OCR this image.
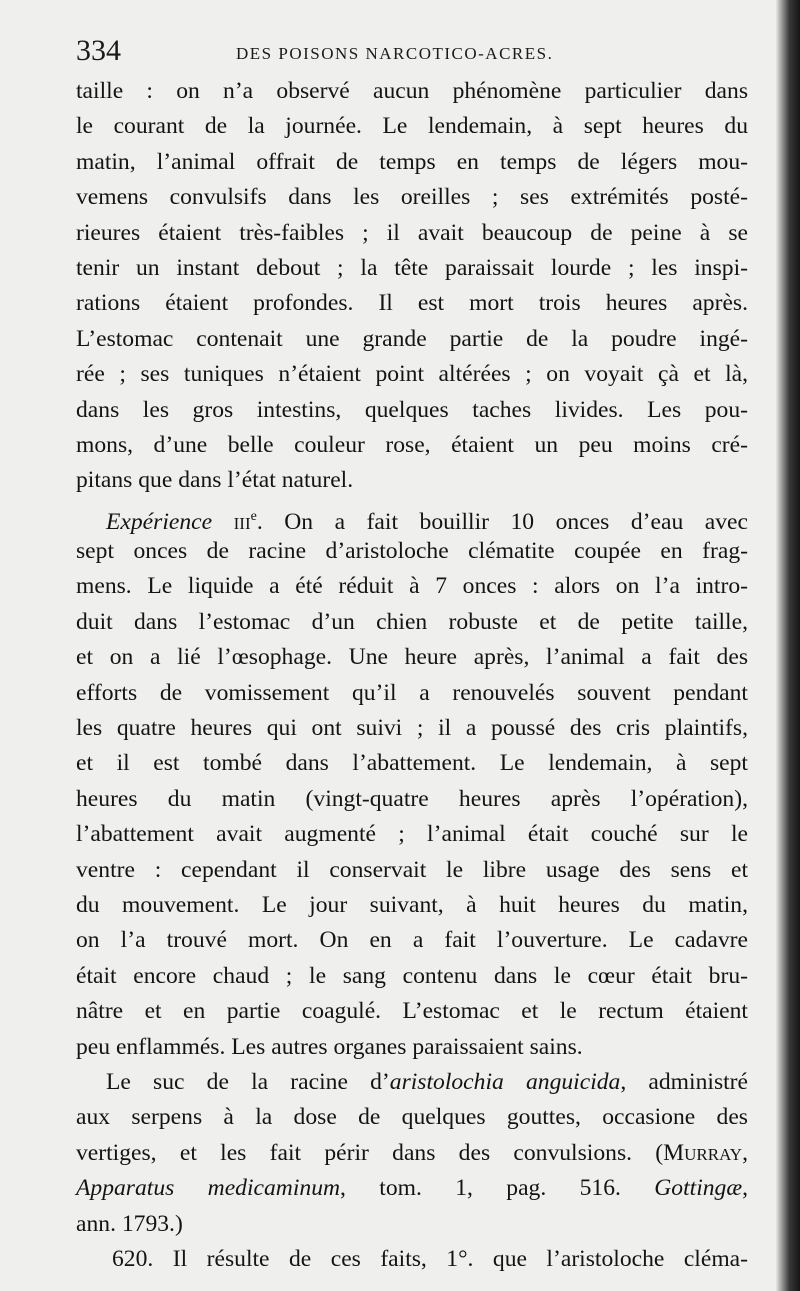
334	DES POISONS NARCOTICO-ACRES.
taille : on n’a observé aucun phénomène particulier dans
le courant de la journée. Le lendemain, à sept heures du
matin, l’animal offrait de temps en temps de légers mou-
vemens convulsifs dans les oreilles ; ses extrémités posté-
rieures étaient très-faibles ; il avait beaucoup de peine à se
tenir un instant debout ; la tête paraissait lourde ; les inspi-
rations étaient profondes. Il est mort trois heures après.
L’estomac contenait une grande partie de la poudre ingé-
rée ; ses tuniques n’étaient point altérées ; on voyait çà et là,
dans les gros intestins, quelques taches livides. Les pou-
mons, d’une belle couleur rose, étaient un peu moins cré-
pitans que dans l’état naturel.
Expérience iii$^e$. On a fait bouillir 10 onces d’eau avec
sept onces de racine d’aristoloche clématite coupée en frag-
mens. Le liquide a été réduit à 7 onces : alors on l’a intro-
duit dans l’estomac d’un chien robuste et de petite taille,
et on a lié l’œsophage. Une heure après, l’animal a fait des
efforts de vomissement qu’il a renouvelés souvent pendant
les quatre heures qui ont suivi ; il a poussé des cris plaintifs,
et il est tombé dans l’abattement. Le lendemain, à sept
heures du matin (vingt-quatre heures après l’opération),
l’abattement avait augmenté ; l’animal était couché sur le
ventre : cependant il conservait le libre usage des sens et
du mouvement. Le jour suivant, à huit heures du matin,
on l’a trouvé mort. On en a fait l’ouverture. Le cadavre
était encore chaud ; le sang contenu dans le cœur était bru-
nâtre et en partie coagulé. L’estomac et le rectum étaient
peu enflammés. Les autres organes paraissaient sains.
Le suc de la racine d’aristolochia anguicida, administré
aux serpens à la dose de quelques gouttes, occasione des
vertiges, et les fait périr dans des convulsions. (Murray,
Apparatus medicaminum, tom. 1, pag. 516. Gottingæ,
ann. 1793.)
620. Il résulte de ces faits, 1°. que l’aristoloche cléma-
